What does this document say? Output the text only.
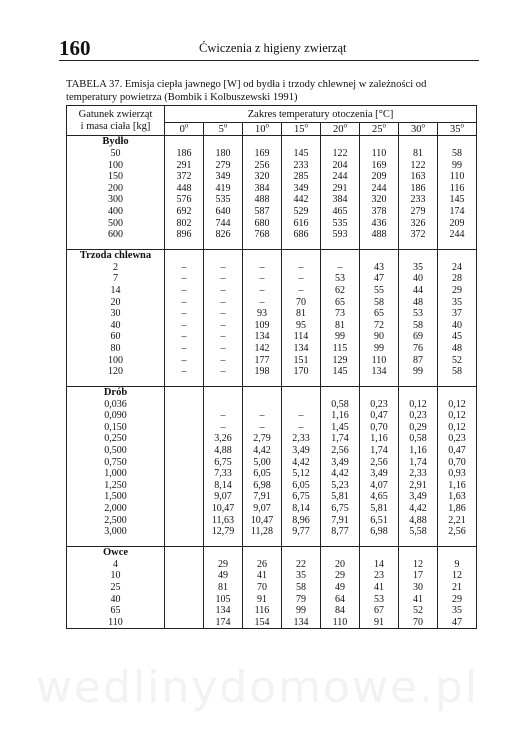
160	Ćwiczenia z higieny zwierząt
TABELA 37. Emisja ciepła jawnego [W] od bydła i trzody chlewnej w zależności od
temperatury powietrza (Bombik i Kolbuszewski 1991)
Gatunek zwierząt
i masa ciała [kg]	Zakres temperatury otoczenia [°C]							
	0$^o$	5$^o$	10$^o$	15$^o$	20$^o$	25$^o$	30$^o$	35$^o$
Bydło								
50	186	180	169	145	122	110	81	58
100	291	279	256	233	204	169	122	99
150	372	349	320	285	244	209	163	110
200	448	419	384	349	291	244	186	116
300	576	535	488	442	384	320	233	145
400	692	640	587	529	465	378	279	174
500	802	744	680	616	535	436	326	209
600	896	826	768	686	593	488	372	244

Trzoda chlewna								
2	–	–	–	–	–	43	35	24
7	–	–	–	–	53	47	40	28
14	–	–	–	–	62	55	44	29
20	–	–	–	70	65	58	48	35
30	–	–	93	81	73	65	53	37
40	–	–	109	95	81	72	58	40
60	–	–	134	114	99	90	69	45
80	–	–	142	134	115	99	76	48
100	–	–	177	151	129	110	87	52
120	–	–	198	170	145	134	99	58

Drób								
0,036					0,58	0,23	0,12	0,12
0,090		–	–	–	1,16	0,47	0,23	0,12
0,150		–	–	–	1,45	0,70	0,29	0,12
0,250		3,26	2,79	2,33	1,74	1,16	0,58	0,23
0,500		4,88	4,42	3,49	2,56	1,74	1,16	0,47
0,750		6,75	5,00	4,42	3,49	2,56	1,74	0,70
1,000		7,33	6,05	5,12	4,42	3,49	2,33	0,93
1,250		8,14	6,98	6,05	5,23	4,07	2,91	1,16
1,500		9,07	7,91	6,75	5,81	4,65	3,49	1,63
2,000		10,47	9,07	8,14	6,75	5,81	4,42	1,86
2,500		11,63	10,47	8,96	7,91	6,51	4,88	2,21
3,000		12,79	11,28	9,77	8,77	6,98	5,58	2,56

Owce								
4		29	26	22	20	14	12	9
10		49	41	35	29	23	17	12
25		81	70	58	49	41	30	21
40		105	91	79	64	53	41	29
65		134	116	99	84	67	52	35
110		174	154	134	110	91	70	47
wedlinydomowe.pl
